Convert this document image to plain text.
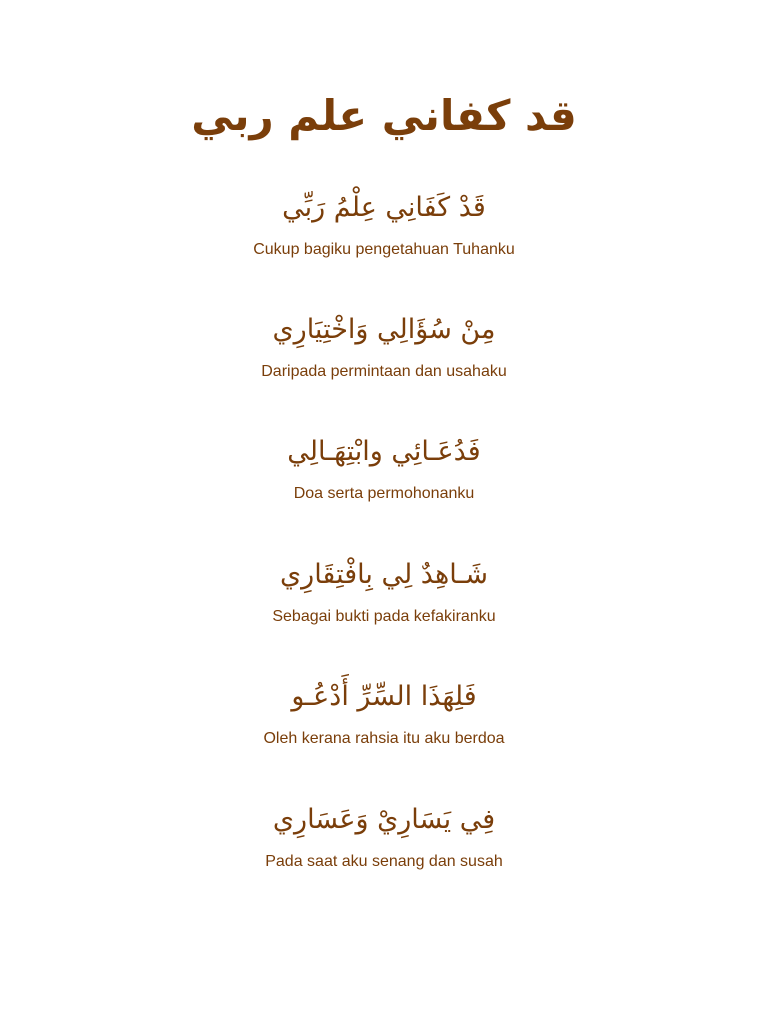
قد كفاني علم ربي
قَدْ كَفَانِي عِلْمُ رَبِّي
Cukup bagiku pengetahuan Tuhanku
مِنْ سُؤَالِي وَاخْتِيَارِي
Daripada permintaan dan usahaku
فَدُعَـائِي وابْتِهَـالِي
Doa serta permohonanku
شَـاهِدٌ لِي بِافْتِقَارِي
Sebagai bukti pada kefakiranku
فَلِهَذَا السِّرِّ أَدْعُـو
Oleh kerana rahsia itu aku berdoa
فِي يَسَارِيْ وَعَسَارِي
Pada saat aku senang dan susah
